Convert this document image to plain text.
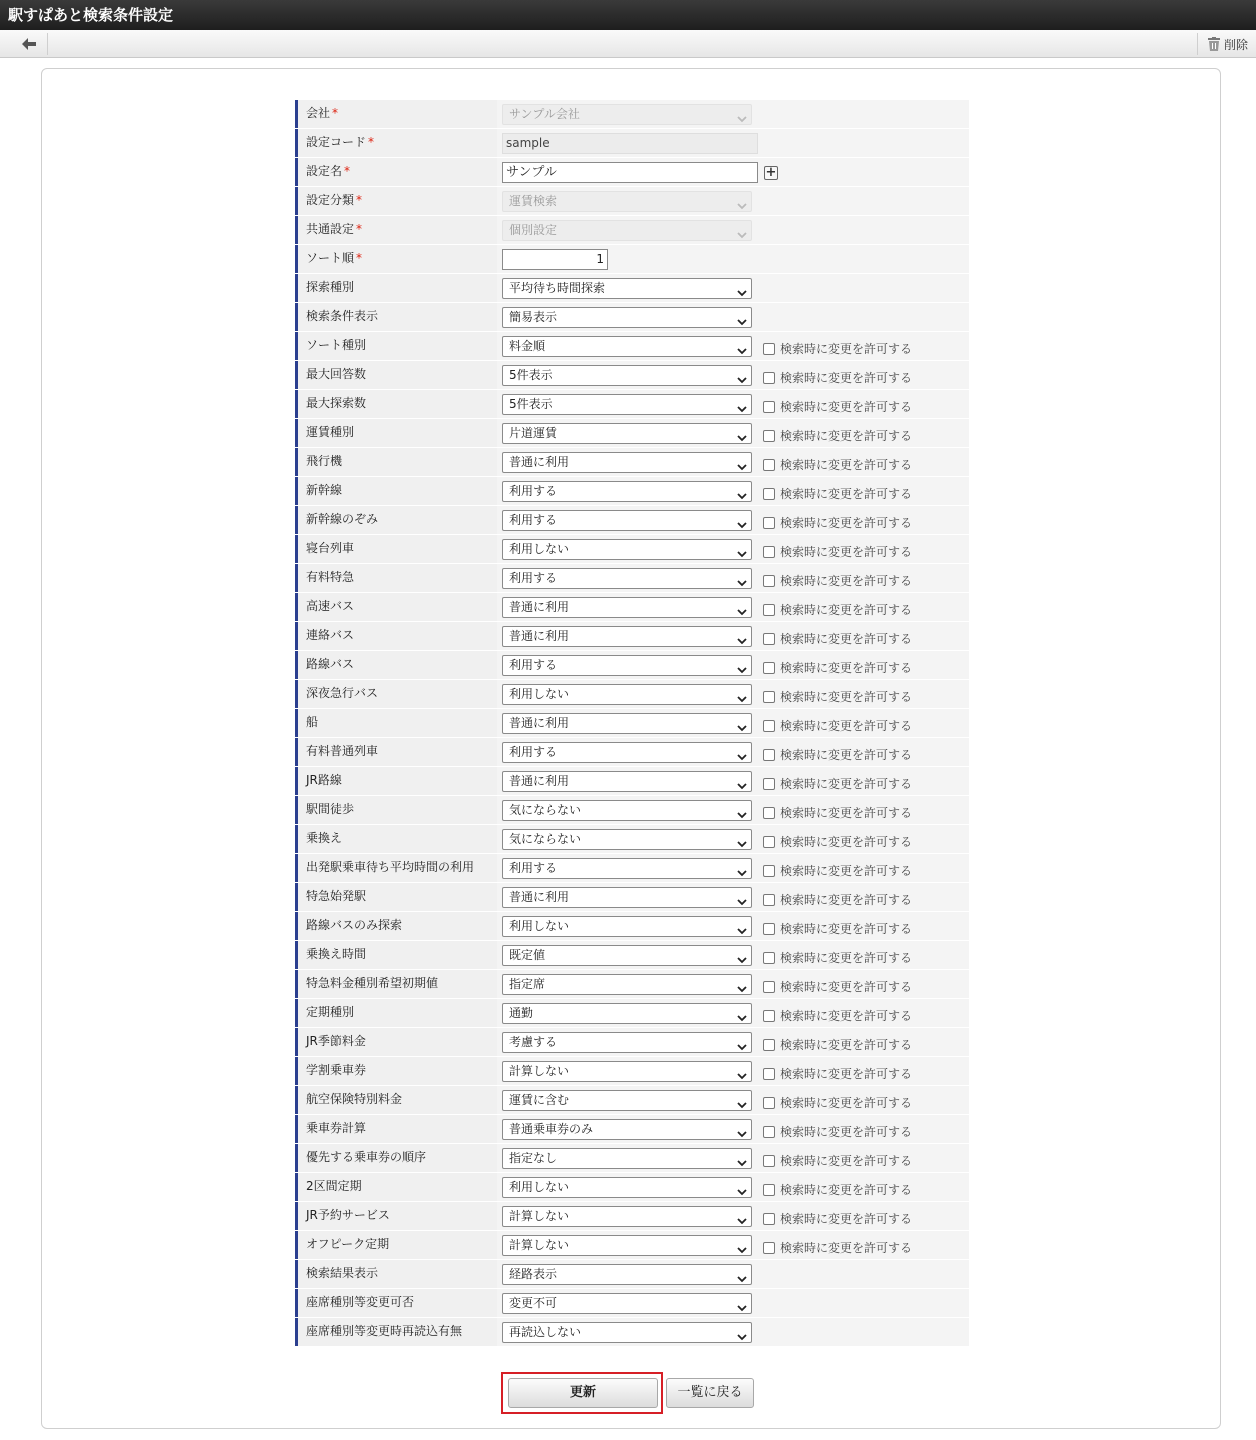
駅すぱあと検索条件設定
削除
会社 *	サンプル会社
設定コード *	sample
設定名 *	サンプル	+
設定分類 *	運賃検索
共通設定 *	個別設定
ソート順 *	1
探索種別	平均待ち時間探索
検索条件表示	簡易表示
ソート種別	料金順	検索時に変更を許可する
最大回答数	5件表示	検索時に変更を許可する
最大探索数	5件表示	検索時に変更を許可する
運賃種別	片道運賃	検索時に変更を許可する
飛行機	普通に利用	検索時に変更を許可する
新幹線	利用する	検索時に変更を許可する
新幹線のぞみ	利用する	検索時に変更を許可する
寝台列車	利用しない	検索時に変更を許可する
有料特急	利用する	検索時に変更を許可する
高速バス	普通に利用	検索時に変更を許可する
連絡バス	普通に利用	検索時に変更を許可する
路線バス	利用する	検索時に変更を許可する
深夜急行バス	利用しない	検索時に変更を許可する
船	普通に利用	検索時に変更を許可する
有料普通列車	利用する	検索時に変更を許可する
JR路線	普通に利用	検索時に変更を許可する
駅間徒歩	気にならない	検索時に変更を許可する
乗換え	気にならない	検索時に変更を許可する
出発駅乗車待ち平均時間の利用	利用する	検索時に変更を許可する
特急始発駅	普通に利用	検索時に変更を許可する
路線バスのみ探索	利用しない	検索時に変更を許可する
乗換え時間	既定値	検索時に変更を許可する
特急料金種別希望初期値	指定席	検索時に変更を許可する
定期種別	通勤	検索時に変更を許可する
JR季節料金	考慮する	検索時に変更を許可する
学割乗車券	計算しない	検索時に変更を許可する
航空保険特別料金	運賃に含む	検索時に変更を許可する
乗車券計算	普通乗車券のみ	検索時に変更を許可する
優先する乗車券の順序	指定なし	検索時に変更を許可する
2区間定期	利用しない	検索時に変更を許可する
JR予約サービス	計算しない	検索時に変更を許可する
オフピーク定期	計算しない	検索時に変更を許可する
検索結果表示	経路表示
座席種別等変更可否	変更不可
座席種別等変更時再読込有無	再読込しない
更新	一覧に戻る
